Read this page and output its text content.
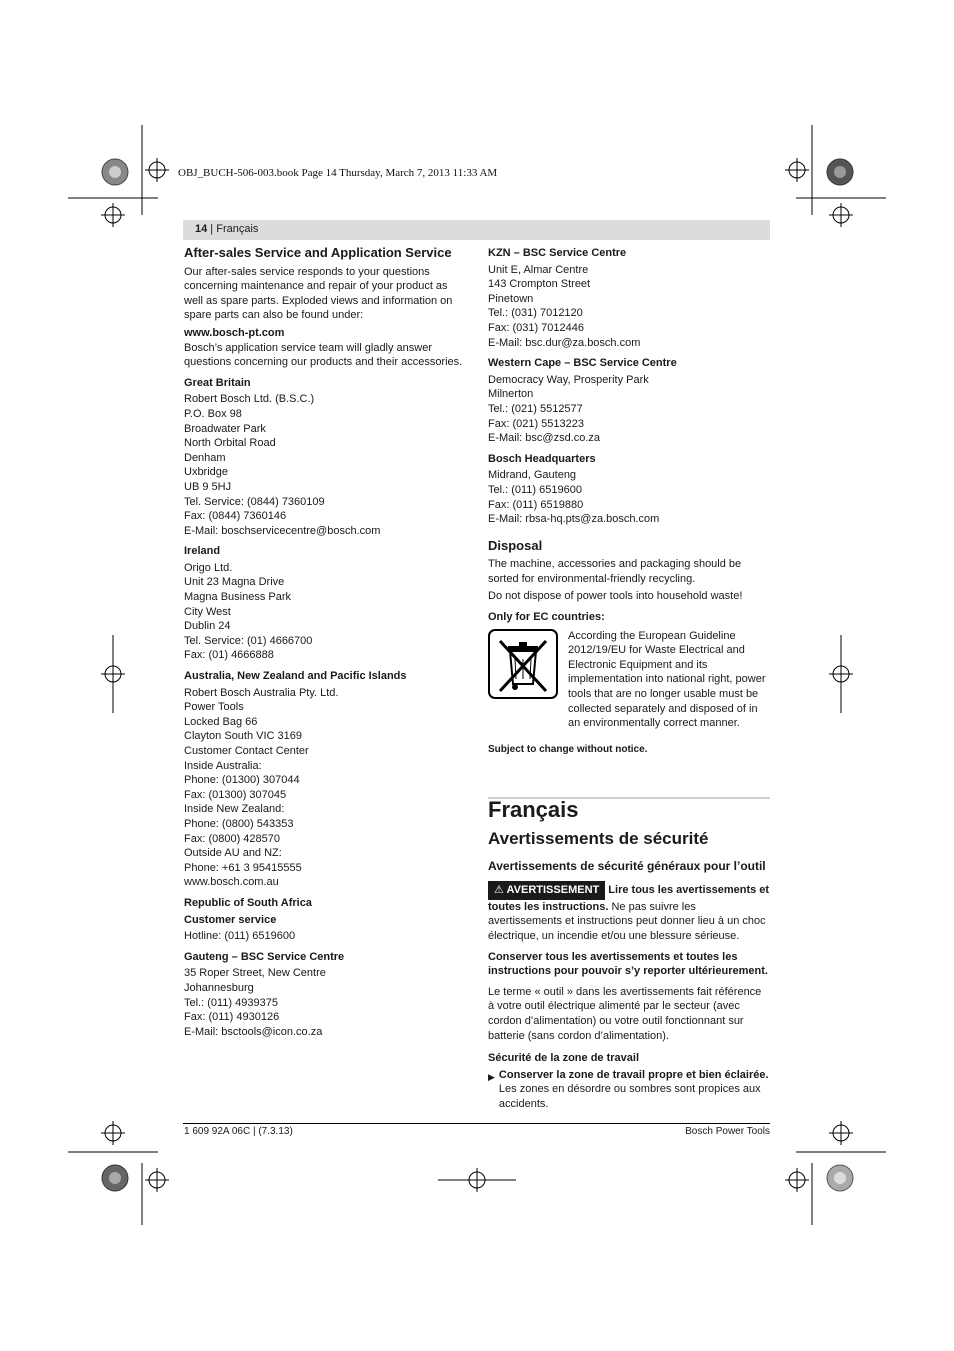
OBJ_BUCH-506-003.book Page 14 Thursday, March 7, 2013 11:33 AM
14 | Français
After-sales Service and Application Service
Our after-sales service responds to your questions concerning maintenance and repair of your product as well as spare parts. Exploded views and information on spare parts can also be found under:
www.bosch-pt.com
Bosch’s application service team will gladly answer questions concerning our products and their accessories.
Great Britain
Robert Bosch Ltd. (B.S.C.)
P.O. Box 98
Broadwater Park
North Orbital Road
Denham
Uxbridge
UB 9 5HJ
Tel. Service: (0844) 7360109
Fax: (0844) 7360146
E-Mail: boschservicecentre@bosch.com
Ireland
Origo Ltd.
Unit 23 Magna Drive
Magna Business Park
City West
Dublin 24
Tel. Service: (01) 4666700
Fax: (01) 4666888
Australia, New Zealand and Pacific Islands
Robert Bosch Australia Pty. Ltd.
Power Tools
Locked Bag 66
Clayton South VIC 3169
Customer Contact Center
Inside Australia:
Phone: (01300) 307044
Fax: (01300) 307045
Inside New Zealand:
Phone: (0800) 543353
Fax: (0800) 428570
Outside AU and NZ:
Phone: +61 3 95415555
www.bosch.com.au
Republic of South Africa
Customer service
Hotline: (011) 6519600
Gauteng – BSC Service Centre
35 Roper Street, New Centre
Johannesburg
Tel.: (011) 4939375
Fax: (011) 4930126
E-Mail: bsctools@icon.co.za
KZN – BSC Service Centre
Unit E, Almar Centre
143 Crompton Street
Pinetown
Tel.: (031) 7012120
Fax: (031) 7012446
E-Mail: bsc.dur@za.bosch.com
Western Cape – BSC Service Centre
Democracy Way, Prosperity Park
Milnerton
Tel.: (021) 5512577
Fax: (021) 5513223
E-Mail: bsc@zsd.co.za
Bosch Headquarters
Midrand, Gauteng
Tel.: (011) 6519600
Fax: (011) 6519880
E-Mail: rbsa-hq.pts@za.bosch.com
Disposal
The machine, accessories and packaging should be sorted for environmental-friendly recycling.
Do not dispose of power tools into household waste!
Only for EC countries:
According the European Guideline 2012/19/EU for Waste Electrical and Electronic Equipment and its implementation into national right, power tools that are no longer usable must be collected separately and disposed of in an environmentally correct manner.
Subject to change without notice.
Français
Avertissements de sécurité
Avertissements de sécurité généraux pour l’outil
⚠ AVERTISSEMENT Lire tous les avertissements et toutes les instructions. Ne pas suivre les avertissements et instructions peut donner lieu à un choc électrique, un incendie et/ou une blessure sérieuse.
Conserver tous les avertissements et toutes les instructions pour pouvoir s’y reporter ultérieurement.
Le terme « outil » dans les avertissements fait référence à votre outil électrique alimenté par le secteur (avec cordon d’alimentation) ou votre outil fonctionnant sur batterie (sans cordon d’alimentation).
Sécurité de la zone de travail
▶ Conserver la zone de travail propre et bien éclairée.
Les zones en désordre ou sombres sont propices aux accidents.
1 609 92A 06C | (7.3.13)	Bosch Power Tools
